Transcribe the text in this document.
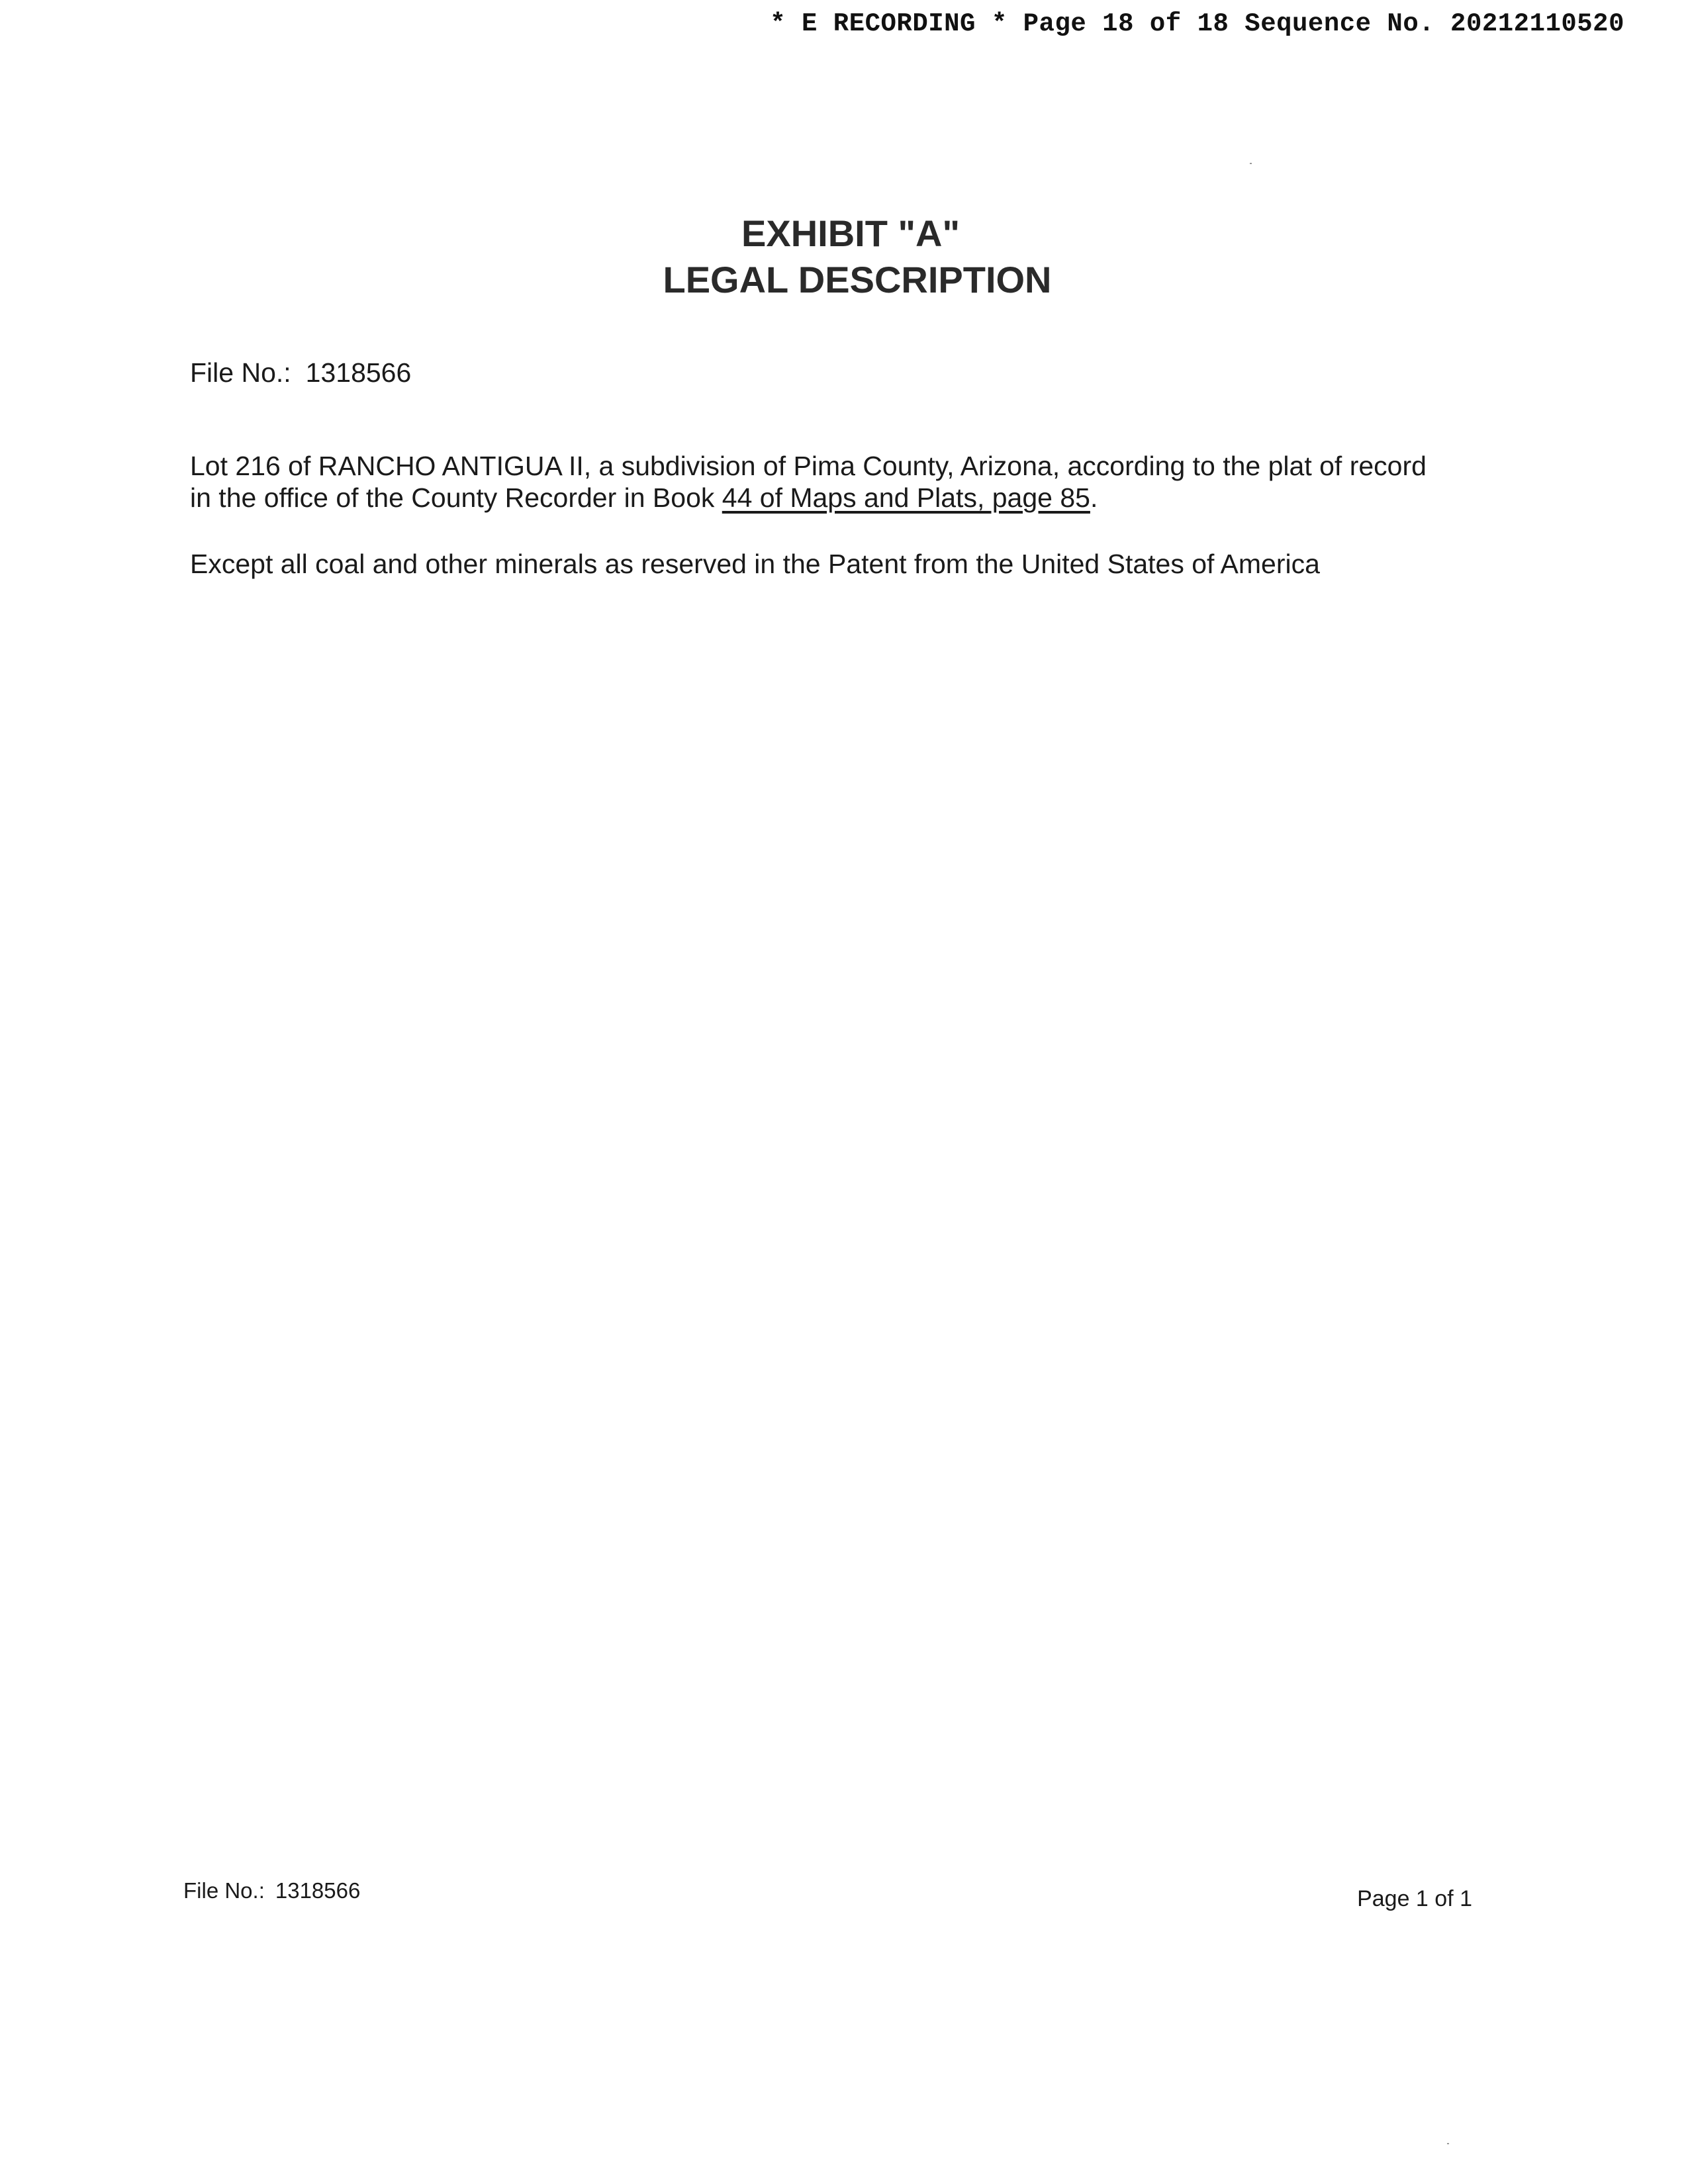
* E RECORDING * Page 18 of 18 Sequence No. 20212110520
EXHIBIT "A"
LEGAL DESCRIPTION
File No.: 1318566
Lot 216 of RANCHO ANTIGUA II, a subdivision of Pima County, Arizona, according to the plat of record
in the office of the County Recorder in Book 44 of Maps and Plats, page 85.
Except all coal and other minerals as reserved in the Patent from the United States of America
File No.: 1318566	Page 1 of 1
